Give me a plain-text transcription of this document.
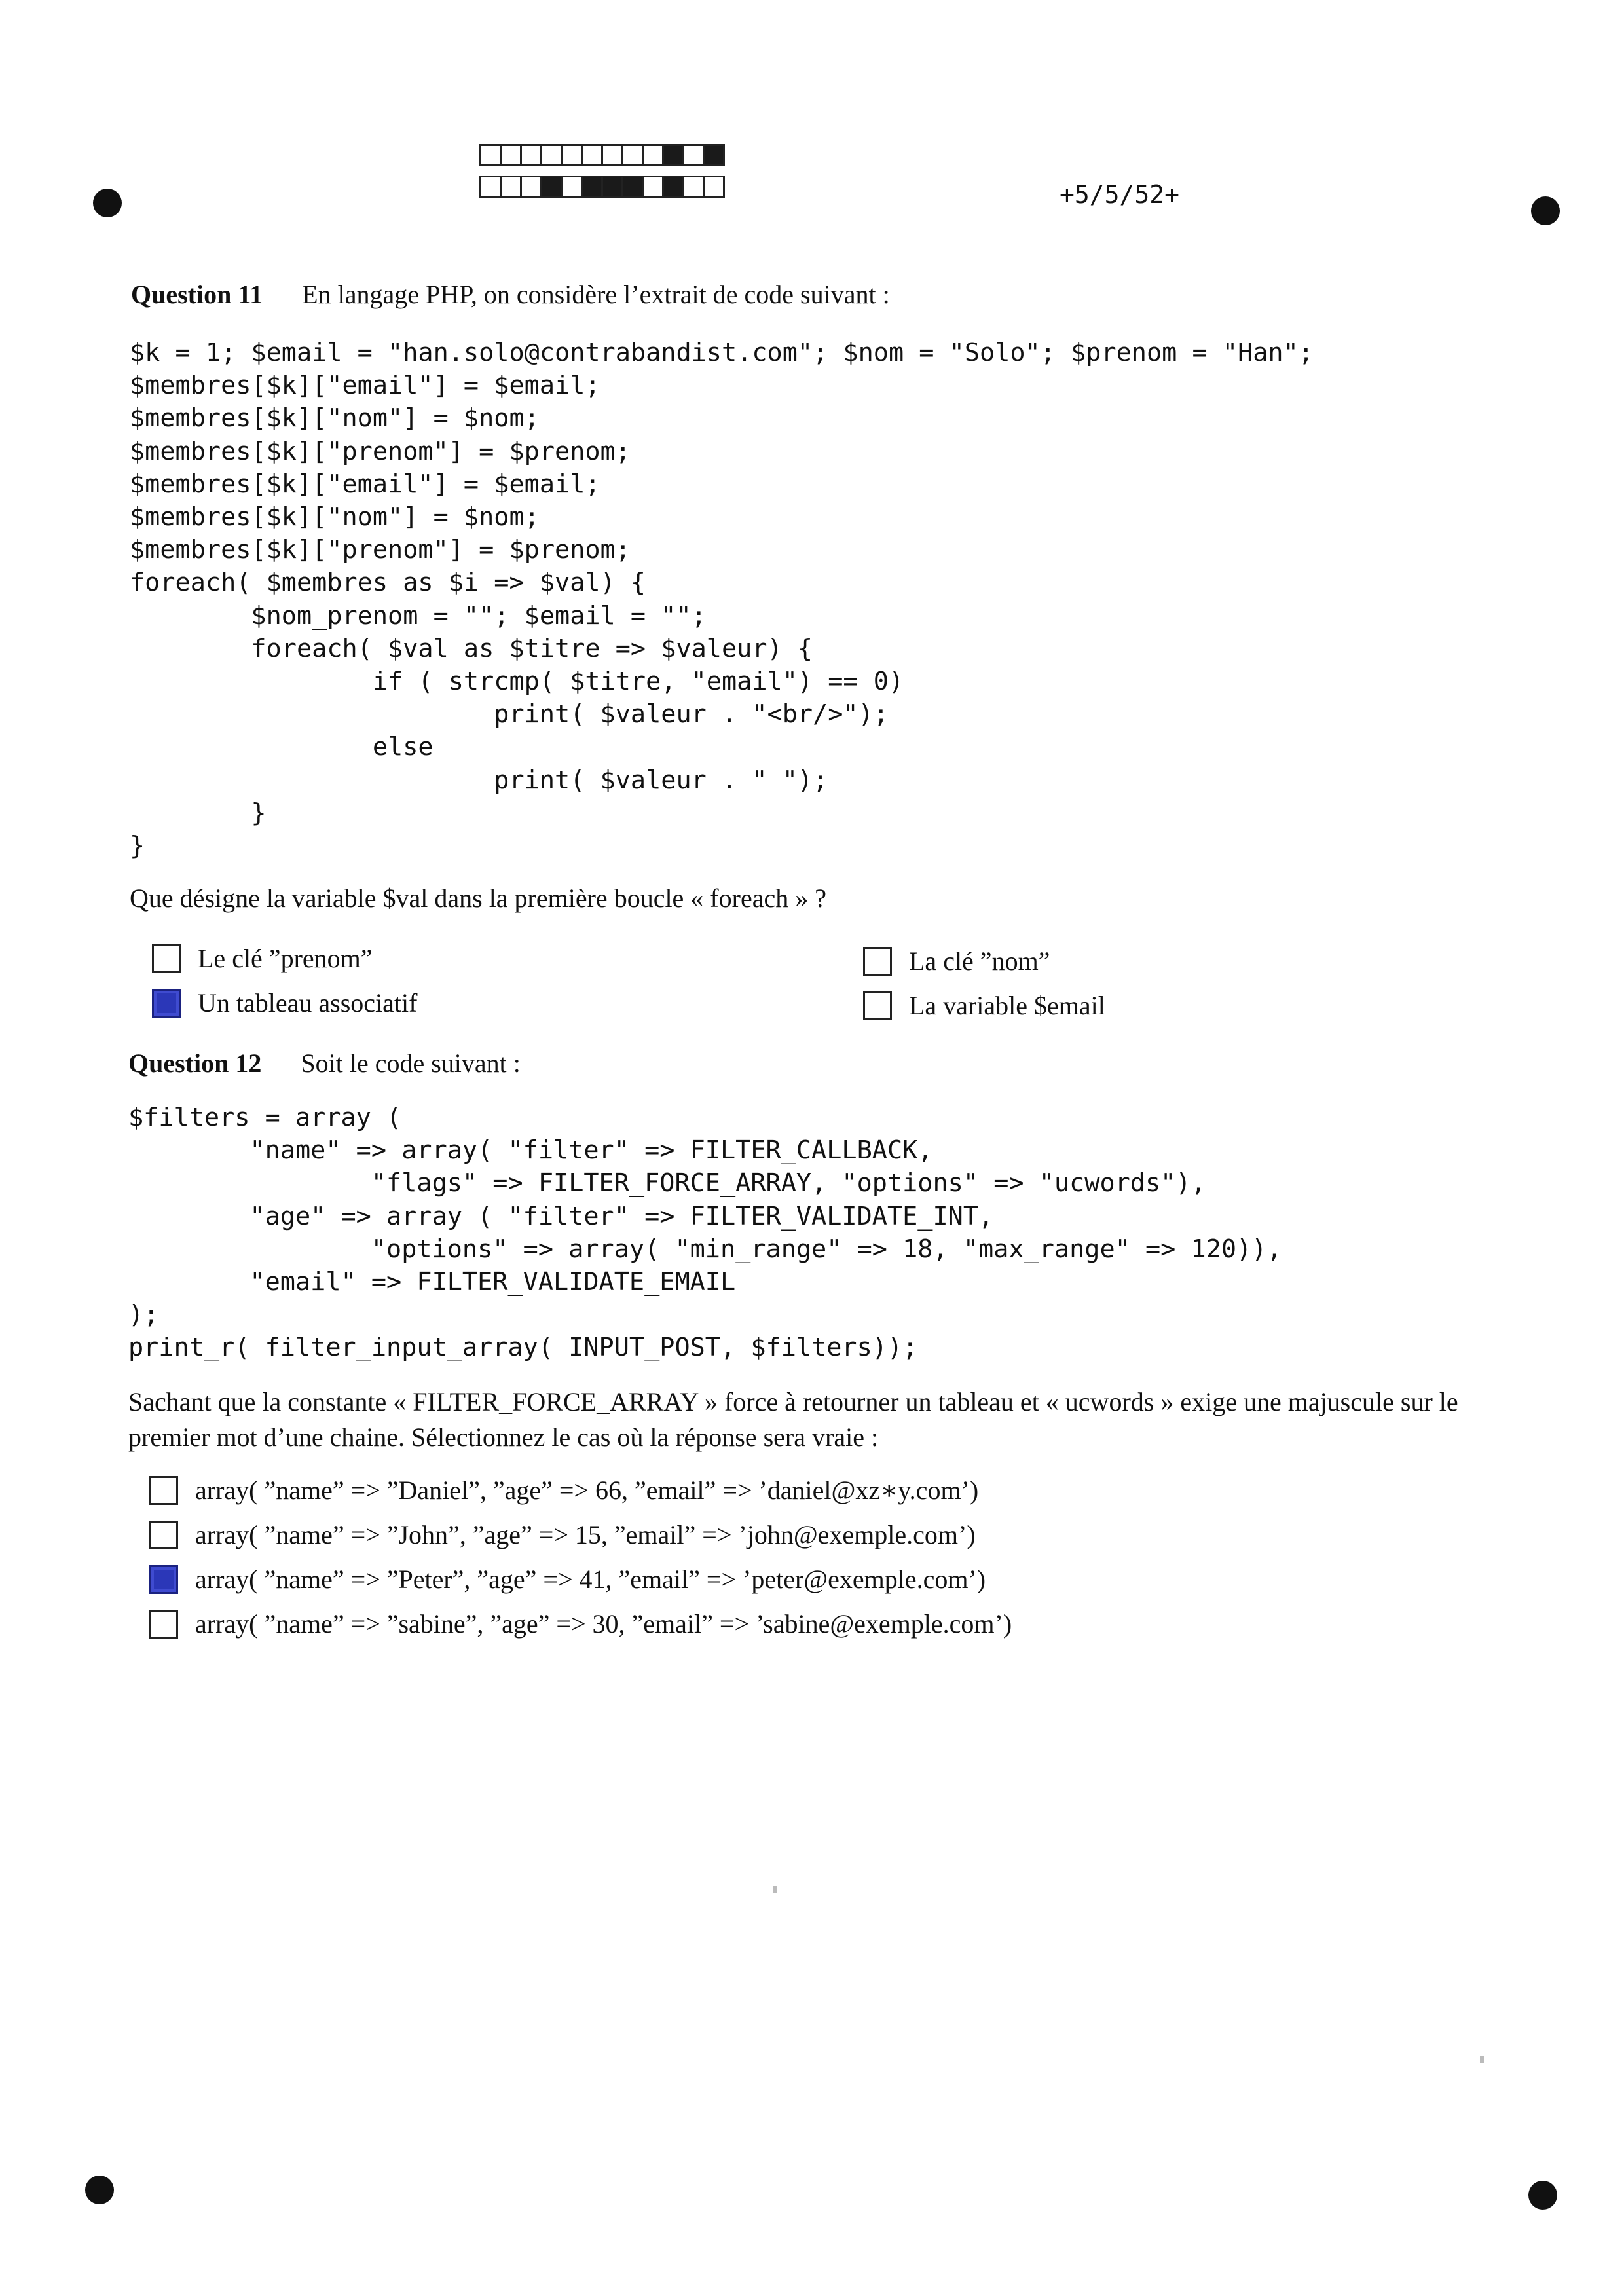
+5/5/52+
Question 11 En langage PHP, on considère l’extrait de code suivant :
$k = 1; $email = "han.solo@contrabandist.com"; $nom = "Solo"; $prenom = "Han";
$membres[$k]["email"] = $email;
$membres[$k]["nom"] = $nom;
$membres[$k]["prenom"] = $prenom;
$membres[$k]["email"] = $email;
$membres[$k]["nom"] = $nom;
$membres[$k]["prenom"] = $prenom;
foreach( $membres as $i => $val) {
$nom_prenom = ""; $email = "";
foreach( $val as $titre => $valeur) {
if ( strcmp( $titre, "email") == 0)
print( $valeur . "<br/>");
else
print( $valeur . " ");
}
}
Que désigne la variable $val dans la première boucle « foreach » ?
Le clé ”prenom”
Un tableau associatif
La clé ”nom”
La variable $email
Question 12 Soit le code suivant :
$filters = array (
"name" => array( "filter" => FILTER_CALLBACK,
"flags" => FILTER_FORCE_ARRAY, "options" => "ucwords"),
"age" => array ( "filter" => FILTER_VALIDATE_INT,
"options" => array( "min_range" => 18, "max_range" => 120)),
"email" => FILTER_VALIDATE_EMAIL
);
print_r( filter_input_array( INPUT_POST, $filters));
Sachant que la constante « FILTER_FORCE_ARRAY » force à retourner un tableau et « ucwords » exige une majuscule sur le premier mot d’une chaine. Sélectionnez le cas où la réponse sera vraie :
array( ”name” => ”Daniel”, ”age” => 66, ”email” => ’daniel@xz∗y.com’)
array( ”name” => ”John”, ”age” => 15, ”email” => ’john@exemple.com’)
array( ”name” => ”Peter”, ”age” => 41, ”email” => ’peter@exemple.com’)
array( ”name” => ”sabine”, ”age” => 30, ”email” => ’sabine@exemple.com’)
